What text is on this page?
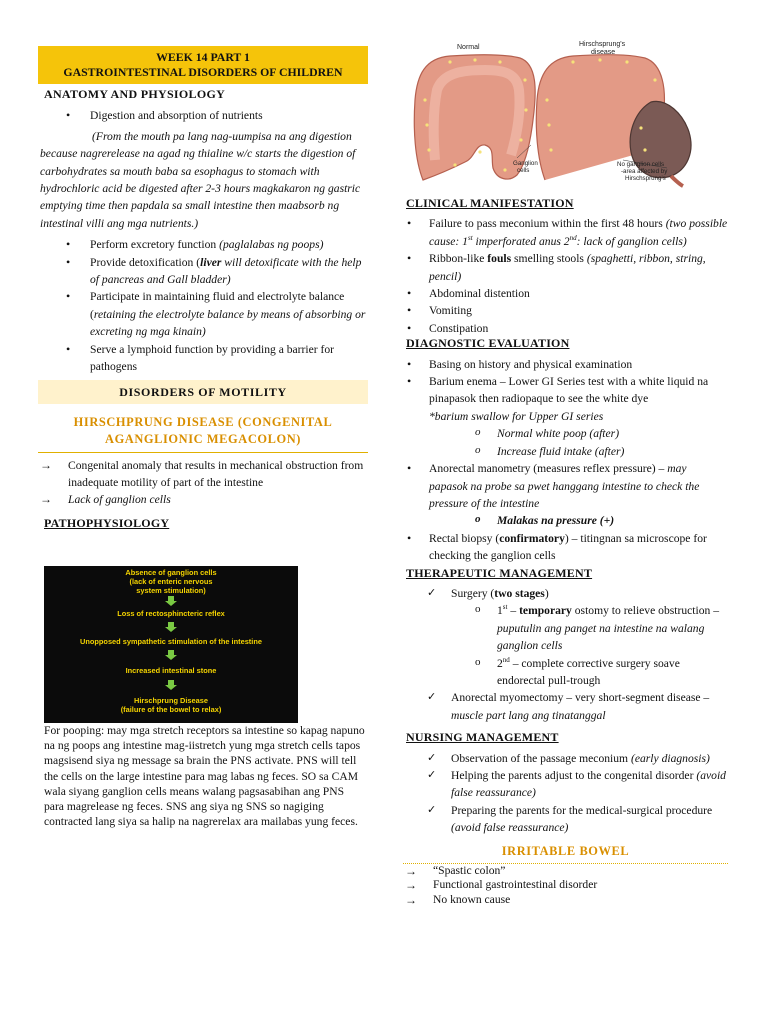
WEEK 14 PART 1
GASTROINTESTINAL DISORDERS OF CHILDREN
ANATOMY AND PHYSIOLOGY
• Digestion and absorption of nutrients
(From the mouth pa lang nag-uumpisa na ang digestion because nagrerelease na agad ng thialine w/c starts the digestion of carbohydrates sa mouth baba sa esophagus to stomach with hydrochloric acid be digested after 2-3 hours magkakaron ng gastric emptying time then papdala sa small intestine then maabsorb ng intestinal villi ang mga nutrients.)
• Perform excretory function (paglalabas ng poops)
• Provide detoxification (liver will detoxificate with the help of pancreas and Gall bladder)
• Participate in maintaining fluid and electrolyte balance (retaining the electrolyte balance by means of absorbing or excreting ng mga kinain)
• Serve a lymphoid function by providing a barrier for pathogens
DISORDERS OF MOTILITY
HIRSCHPRUNG DISEASE (CONGENITAL AGANGLIONIC MEGACOLON)
→ Congenital anomaly that results in mechanical obstruction from inadequate motility of part of the intestine
→ Lack of ganglion cells
PATHOPHYSIOLOGY
Absence of ganglion cells
(lack of enteric nervous
system stimulation)
Loss of rectosphincteric reflex
Unopposed sympathetic stimulation of the intestine
Increased intestinal stone
Hirschprung Disease
(failure of the bowel to relax)
For pooping: may mga stretch receptors sa intestine so kapag napuno na ng poops ang intestine mag-iistretch yung mga stretch cells tapos magsisend siya ng message sa brain the PNS activate. PNS will tell the cells on the large intestine para mag labas ng feces. SO sa CAM wala siyang ganglion cells means walang pagsasabihan ang PNS para magrelease ng feces. SNS ang siya ng SNS so nagiging contracted lang siya sa halip na nagrerelax ara mailabas yung feces.
Normal
Ganglion
cells
Hirschsprung's
disease
No ganglion cells
-area affected by
Hirschsprung's
CLINICAL MANIFESTATION
• Failure to pass meconium within the first 48 hours (two possible cause: 1st imperforated anus 2nd: lack of ganglion cells)
• Ribbon-like fouls smelling stools (spaghetti, ribbon, string, pencil)
• Abdominal distention
• Vomiting
• Constipation
DIAGNOSTIC EVALUATION
• Basing on history and physical examination
• Barium enema – Lower GI Series test with a white liquid na pinapasok then radiopaque to see the white dye
*barium swallow for Upper GI series
o Normal white poop (after)
o Increase fluid intake (after)
• Anorectal manometry (measures reflex pressure) – may papasok na probe sa pwet hanggang intestine to check the pressure of the intestine
o Malakas na pressure (+)
• Rectal biopsy (confirmatory) – titingnan sa microscope for checking the ganglion cells
THERAPEUTIC MANAGEMENT
✓ Surgery (two stages)
o 1st – temporary ostomy to relieve obstruction – puputulin ang panget na intestine na walang ganglion cells
o 2nd – complete corrective surgery soave endorectal pull-trough
✓ Anorectal myomectomy – very short-segment disease – muscle part lang ang tinatanggal
NURSING MANAGEMENT
✓ Observation of the passage meconium (early diagnosis)
✓ Helping the parents adjust to the congenital disorder (avoid false reassurance)
✓ Preparing the parents for the medical-surgical procedure (avoid false reassurance)
IRRITABLE BOWEL
→ “Spastic colon”
→ Functional gastrointestinal disorder
→ No known cause
